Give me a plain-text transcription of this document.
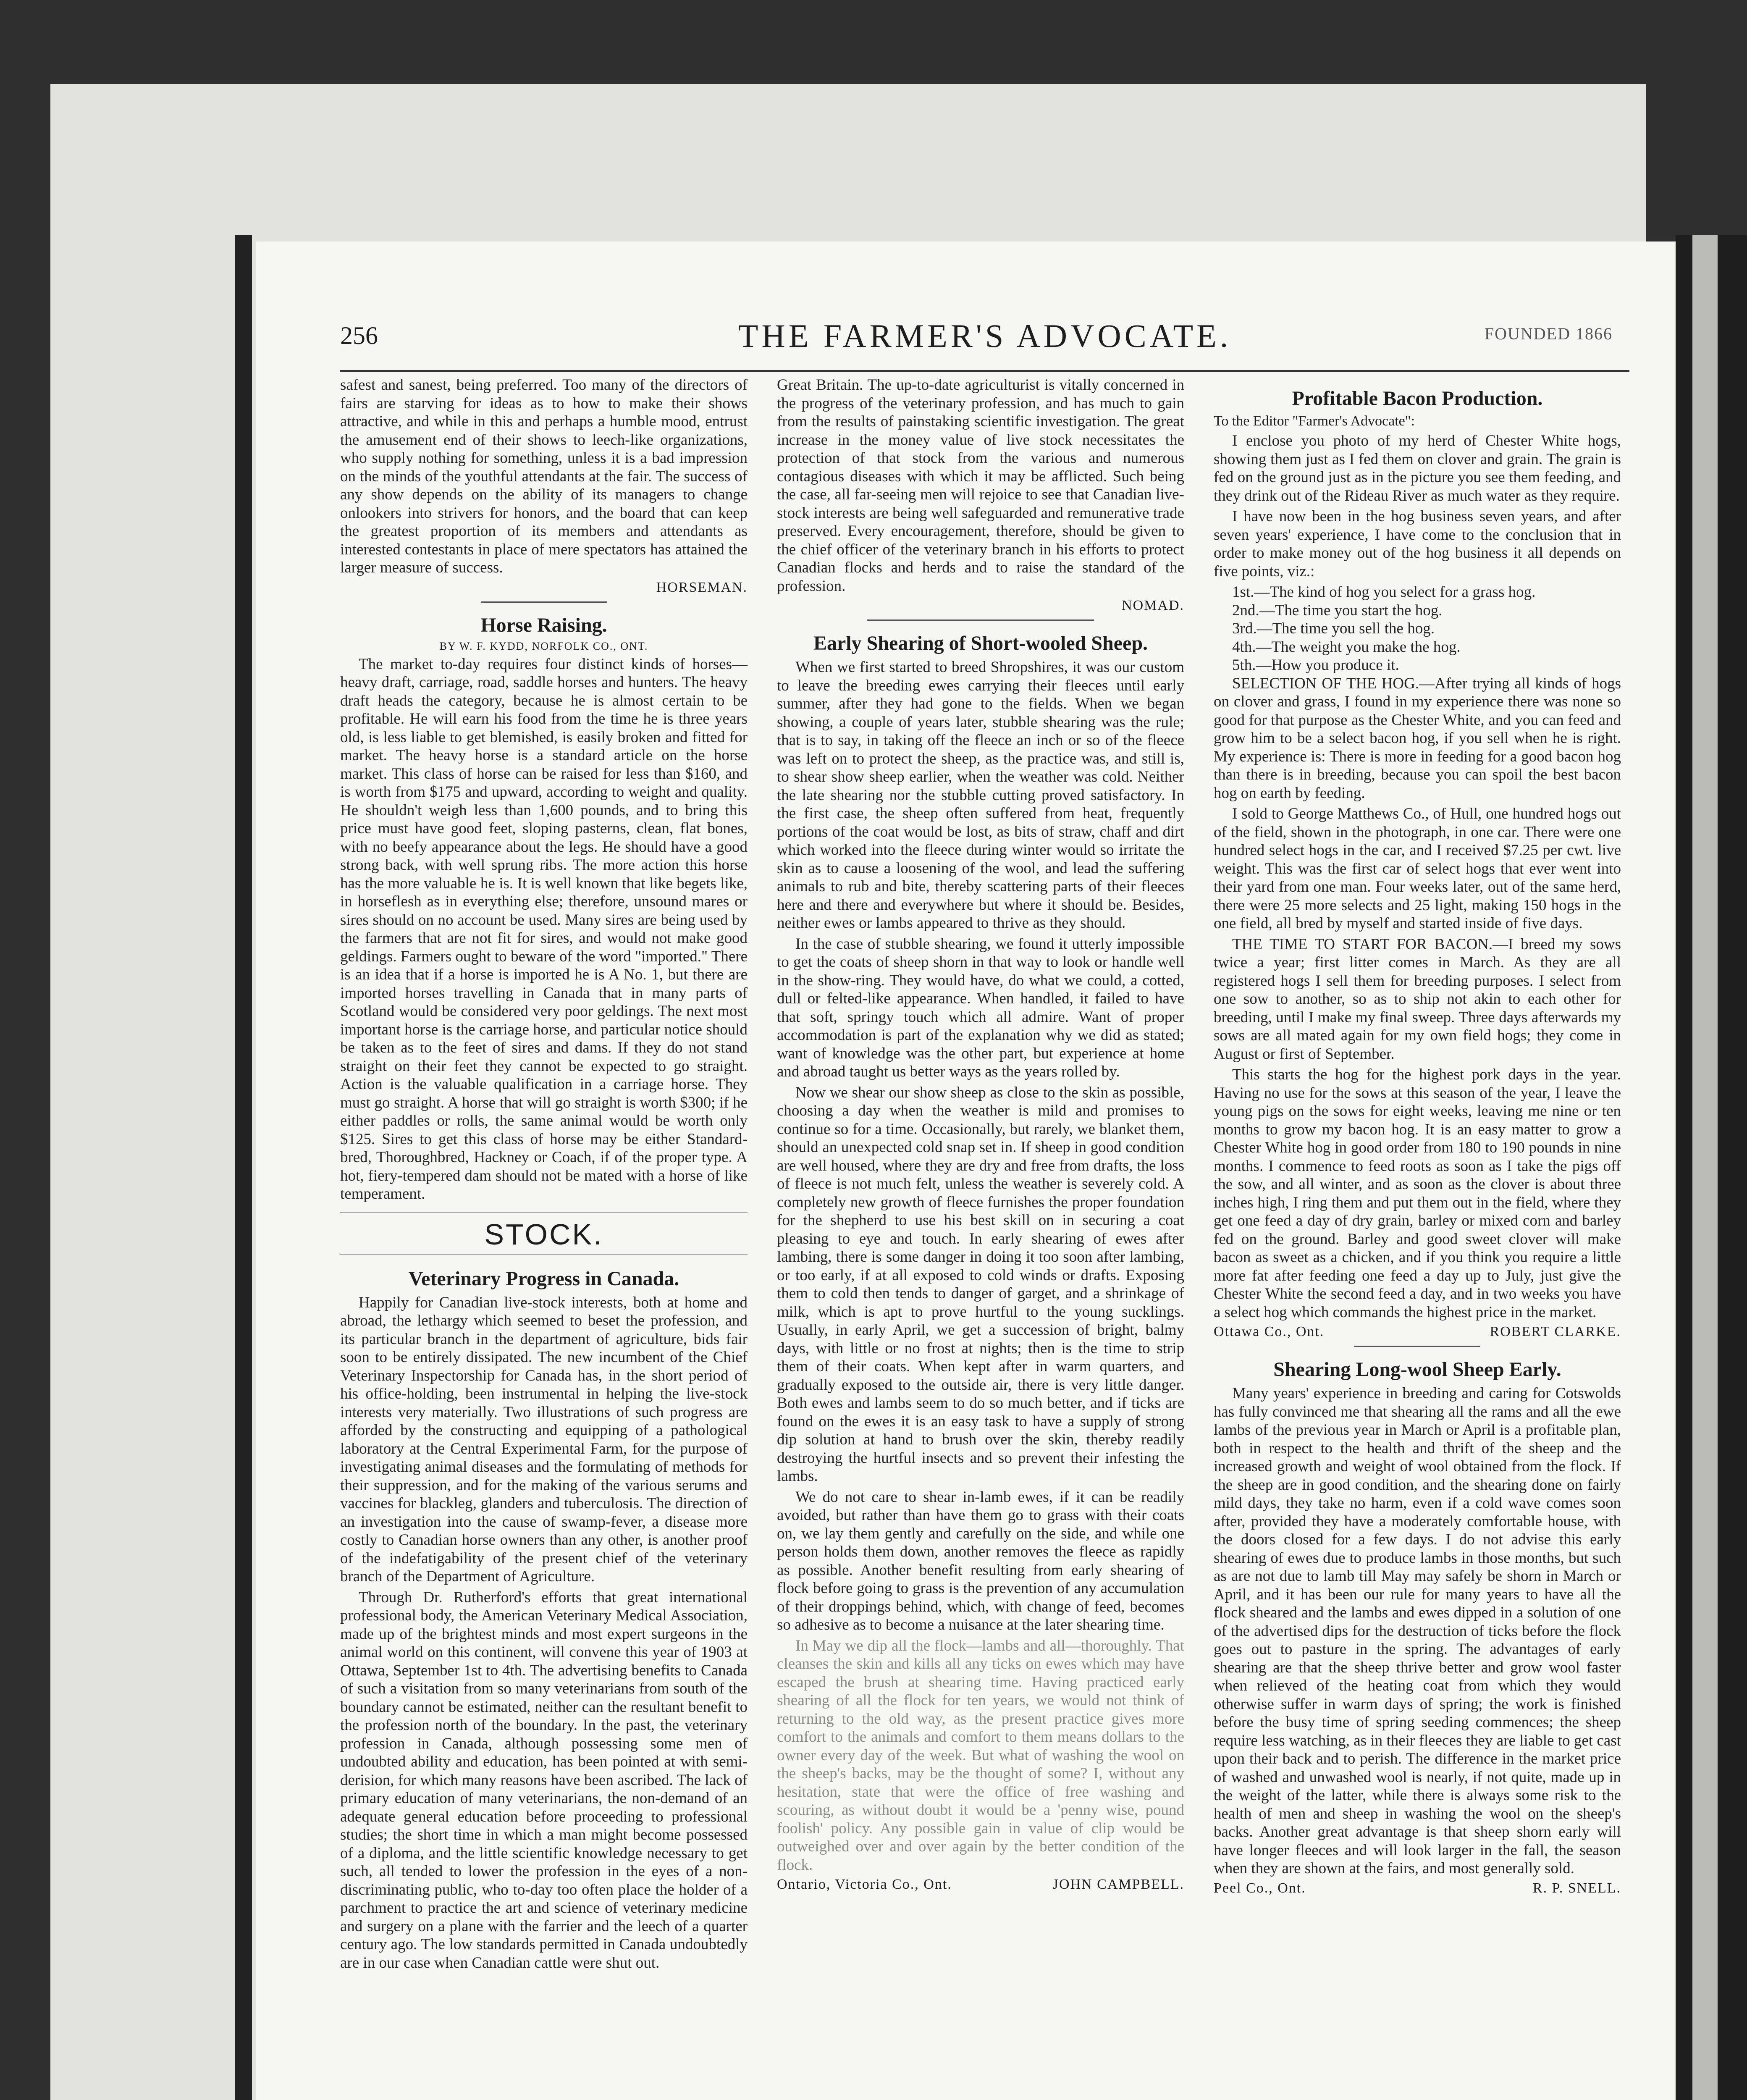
256	THE FARMER'S ADVOCATE.	FOUNDED 1866

safest and sanest, being preferred. Too many of the directors of fairs are starving for ideas as to how to make their shows attractive, and while in this and perhaps a humble mood, entrust the amusement end of their shows to leech-like organizations, who supply nothing for something, unless it is a bad impression on the minds of the youthful attendants at the fair. The success of any show depends on the ability of its managers to change onlookers into strivers for honors, and the board that can keep the greatest proportion of its members and attendants as interested contestants in place of mere spectators has attained the larger measure of success.

HORSEMAN.
Horse Raising.
BY W. F. KYDD, NORFOLK CO., ONT.

The market to-day requires four distinct kinds of horses—heavy draft, carriage, road, saddle horses and hunters. The heavy draft heads the category, because he is almost certain to be profitable. He will earn his food from the time he is three years old, is less liable to get blemished, is easily broken and fitted for market. The heavy horse is a standard article on the horse market. This class of horse can be raised for less than $160, and is worth from $175 and upward, according to weight and quality. He shouldn't weigh less than 1,600 pounds, and to bring this price must have good feet, sloping pasterns, clean, flat bones, with no beefy appearance about the legs. He should have a good strong back, with well sprung ribs. The more action this horse has the more valuable he is. It is well known that like begets like, in horseflesh as in everything else; therefore, unsound mares or sires should on no account be used. Many sires are being used by the farmers that are not fit for sires, and would not make good geldings. Farmers ought to beware of the word "imported." There is an idea that if a horse is imported he is A No. 1, but there are imported horses travelling in Canada that in many parts of Scotland would be considered very poor geldings. The next most important horse is the carriage horse, and particular notice should be taken as to the feet of sires and dams. If they do not stand straight on their feet they cannot be expected to go straight. Action is the valuable qualification in a carriage horse. They must go straight. A horse that will go straight is worth $300; if he either paddles or rolls, the same animal would be worth only $125. Sires to get this class of horse may be either Standard-bred, Thoroughbred, Hackney or Coach, if of the proper type. A hot, fiery-tempered dam should not be mated with a horse of like temperament.

STOCK.
Veterinary Progress in Canada.

Happily for Canadian live-stock interests, both at home and abroad, the lethargy which seemed to beset the profession, and its particular branch in the department of agriculture, bids fair soon to be entirely dissipated. The new incumbent of the Chief Veterinary Inspectorship for Canada has, in the short period of his office-holding, been instrumental in helping the live-stock interests very materially. Two illustrations of such progress are afforded by the constructing and equipping of a pathological laboratory at the Central Experimental Farm, for the purpose of investigating animal diseases and the formulating of methods for their suppression, and for the making of the various serums and vaccines for blackleg, glanders and tuberculosis. The direction of an investigation into the cause of swamp-fever, a disease more costly to Canadian horse owners than any other, is another proof of the indefatigability of the present chief of the veterinary branch of the Department of Agriculture.

Through Dr. Rutherford's efforts that great international professional body, the American Veterinary Medical Association, made up of the brightest minds and most expert surgeons in the animal world on this continent, will convene this year of 1903 at Ottawa, September 1st to 4th. The advertising benefits to Canada of such a visitation from so many veterinarians from south of the boundary cannot be estimated, neither can the resultant benefit to the profession north of the boundary. In the past, the veterinary profession in Canada, although possessing some men of undoubted ability and education, has been pointed at with semi-derision, for which many reasons have been ascribed. The lack of primary education of many veterinarians, the non-demand of an adequate general education before proceeding to professional studies; the short time in which a man might become possessed of a diploma, and the little scientific knowledge necessary to get such, all tended to lower the profession in the eyes of a non-discriminating public, who to-day too often place the holder of a parchment to practice the art and science of veterinary medicine and surgery on a plane with the farrier and the leech of a quarter century ago. The low standards permitted in Canada undoubtedly are in our case when Canadian cattle were shut out.

Great Britain. The up-to-date agriculturist is vitally concerned in the progress of the veterinary profession, and has much to gain from the results of painstaking scientific investigation. The great increase in the money value of live stock necessitates the protection of that stock from the various and numerous contagious diseases with which it may be afflicted. Such being the case, all far-seeing men will rejoice to see that Canadian live-stock interests are being well safeguarded and remunerative trade preserved. Every encouragement, therefore, should be given to the chief officer of the veterinary branch in his efforts to protect Canadian flocks and herds and to raise the standard of the profession.

NOMAD.
Early Shearing of Short-wooled Sheep.

When we first started to breed Shropshires, it was our custom to leave the breeding ewes carrying their fleeces until early summer, after they had gone to the fields. When we began showing, a couple of years later, stubble shearing was the rule; that is to say, in taking off the fleece an inch or so of the fleece was left on to protect the sheep, as the practice was, and still is, to shear show sheep earlier, when the weather was cold. Neither the late shearing nor the stubble cutting proved satisfactory. In the first case, the sheep often suffered from heat, frequently portions of the coat would be lost, as bits of straw, chaff and dirt which worked into the fleece during winter would so irritate the skin as to cause a loosening of the wool, and lead the suffering animals to rub and bite, thereby scattering parts of their fleeces here and there and everywhere but where it should be. Besides, neither ewes or lambs appeared to thrive as they should.

In the case of stubble shearing, we found it utterly impossible to get the coats of sheep shorn in that way to look or handle well in the show-ring. They would have, do what we could, a cotted, dull or felted-like appearance. When handled, it failed to have that soft, springy touch which all admire. Want of proper accommodation is part of the explanation why we did as stated; want of knowledge was the other part, but experience at home and abroad taught us better ways as the years rolled by.

Now we shear our show sheep as close to the skin as possible, choosing a day when the weather is mild and promises to continue so for a time. Occasionally, but rarely, we blanket them, should an unexpected cold snap set in. If sheep in good condition are well housed, where they are dry and free from drafts, the loss of fleece is not much felt, unless the weather is severely cold. A completely new growth of fleece furnishes the proper foundation for the shepherd to use his best skill on in securing a coat pleasing to eye and touch. In early shearing of ewes after lambing, there is some danger in doing it too soon after lambing, or too early, if at all exposed to cold winds or drafts. Exposing them to cold then tends to danger of garget, and a shrinkage of milk, which is apt to prove hurtful to the young sucklings. Usually, in early April, we get a succession of bright, balmy days, with little or no frost at nights; then is the time to strip them of their coats. When kept after in warm quarters, and gradually exposed to the outside air, there is very little danger. Both ewes and lambs seem to do so much better, and if ticks are found on the ewes it is an easy task to have a supply of strong dip solution at hand to brush over the skin, thereby readily destroying the hurtful insects and so prevent their infesting the lambs.

We do not care to shear in-lamb ewes, if it can be readily avoided, but rather than have them go to grass with their coats on, we lay them gently and carefully on the side, and while one person holds them down, another removes the fleece as rapidly as possible. Another benefit resulting from early shearing of flock before going to grass is the prevention of any accumulation of their droppings behind, which, with change of feed, becomes so adhesive as to become a nuisance at the later shearing time.

In May we dip all the flock—lambs and all—thoroughly. That cleanses the skin and kills all any ticks on ewes which may have escaped the brush at shearing time. Having practiced early shearing of all the flock for ten years, we would not think of returning to the old way, as the present practice gives more comfort to the animals and comfort to them means dollars to the owner every day of the week. But what of washing the wool on the sheep's backs, may be the thought of some? I, without any hesitation, state that were the office of free washing and scouring, as without doubt it would be a 'penny wise, pound foolish' policy. Any possible gain in value of clip would be outweighed over and over again by the better condition of the flock.

Ontario, Victoria Co., Ont.	JOHN CAMPBELL.
Profitable Bacon Production.
To the Editor "Farmer's Advocate":

I enclose you photo of my herd of Chester White hogs, showing them just as I fed them on clover and grain. The grain is fed on the ground just as in the picture you see them feeding, and they drink out of the Rideau River as much water as they require.

I have now been in the hog business seven years, and after seven years' experience, I have come to the conclusion that in order to make money out of the hog business it all depends on five points, viz.:

1st.—The kind of hog you select for a grass hog.
2nd.—The time you start the hog.
3rd.—The time you sell the hog.
4th.—The weight you make the hog.
5th.—How you produce it.

SELECTION OF THE HOG.—After trying all kinds of hogs on clover and grass, I found in my experience there was none so good for that purpose as the Chester White, and you can feed and grow him to be a select bacon hog, if you sell when he is right. My experience is: There is more in feeding for a good bacon hog than there is in breeding, because you can spoil the best bacon hog on earth by feeding.

I sold to George Matthews Co., of Hull, one hundred hogs out of the field, shown in the photograph, in one car. There were one hundred select hogs in the car, and I received $7.25 per cwt. live weight. This was the first car of select hogs that ever went into their yard from one man. Four weeks later, out of the same herd, there were 25 more selects and 25 light, making 150 hogs in the one field, all bred by myself and started inside of five days.

THE TIME TO START FOR BACON.—I breed my sows twice a year; first litter comes in March. As they are all registered hogs I sell them for breeding purposes. I select from one sow to another, so as to ship not akin to each other for breeding, until I make my final sweep. Three days afterwards my sows are all mated again for my own field hogs; they come in August or first of September.

This starts the hog for the highest pork days in the year. Having no use for the sows at this season of the year, I leave the young pigs on the sows for eight weeks, leaving me nine or ten months to grow my bacon hog. It is an easy matter to grow a Chester White hog in good order from 180 to 190 pounds in nine months. I commence to feed roots as soon as I take the pigs off the sow, and all winter, and as soon as the clover is about three inches high, I ring them and put them out in the field, where they get one feed a day of dry grain, barley or mixed corn and barley fed on the ground. Barley and good sweet clover will make bacon as sweet as a chicken, and if you think you require a little more fat after feeding one feed a day up to July, just give the Chester White the second feed a day, and in two weeks you have a select hog which commands the highest price in the market.

Ottawa Co., Ont.	ROBERT CLARKE.
Shearing Long-wool Sheep Early.

Many years' experience in breeding and caring for Cotswolds has fully convinced me that shearing all the rams and all the ewe lambs of the previous year in March or April is a profitable plan, both in respect to the health and thrift of the sheep and the increased growth and weight of wool obtained from the flock. If the sheep are in good condition, and the shearing done on fairly mild days, they take no harm, even if a cold wave comes soon after, provided they have a moderately comfortable house, with the doors closed for a few days. I do not advise this early shearing of ewes due to produce lambs in those months, but such as are not due to lamb till May may safely be shorn in March or April, and it has been our rule for many years to have all the flock sheared and the lambs and ewes dipped in a solution of one of the advertised dips for the destruction of ticks before the flock goes out to pasture in the spring. The advantages of early shearing are that the sheep thrive better and grow wool faster when relieved of the heating coat from which they would otherwise suffer in warm days of spring; the work is finished before the busy time of spring seeding commences; the sheep require less watching, as in their fleeces they are liable to get cast upon their back and to perish. The difference in the market price of washed and unwashed wool is nearly, if not quite, made up in the weight of the latter, while there is always some risk to the health of men and sheep in washing the wool on the sheep's backs. Another great advantage is that sheep shorn early will have longer fleeces and will look larger in the fall, the season when they are shown at the fairs, and most generally sold.

Peel Co., Ont.	R. P. SNELL.
